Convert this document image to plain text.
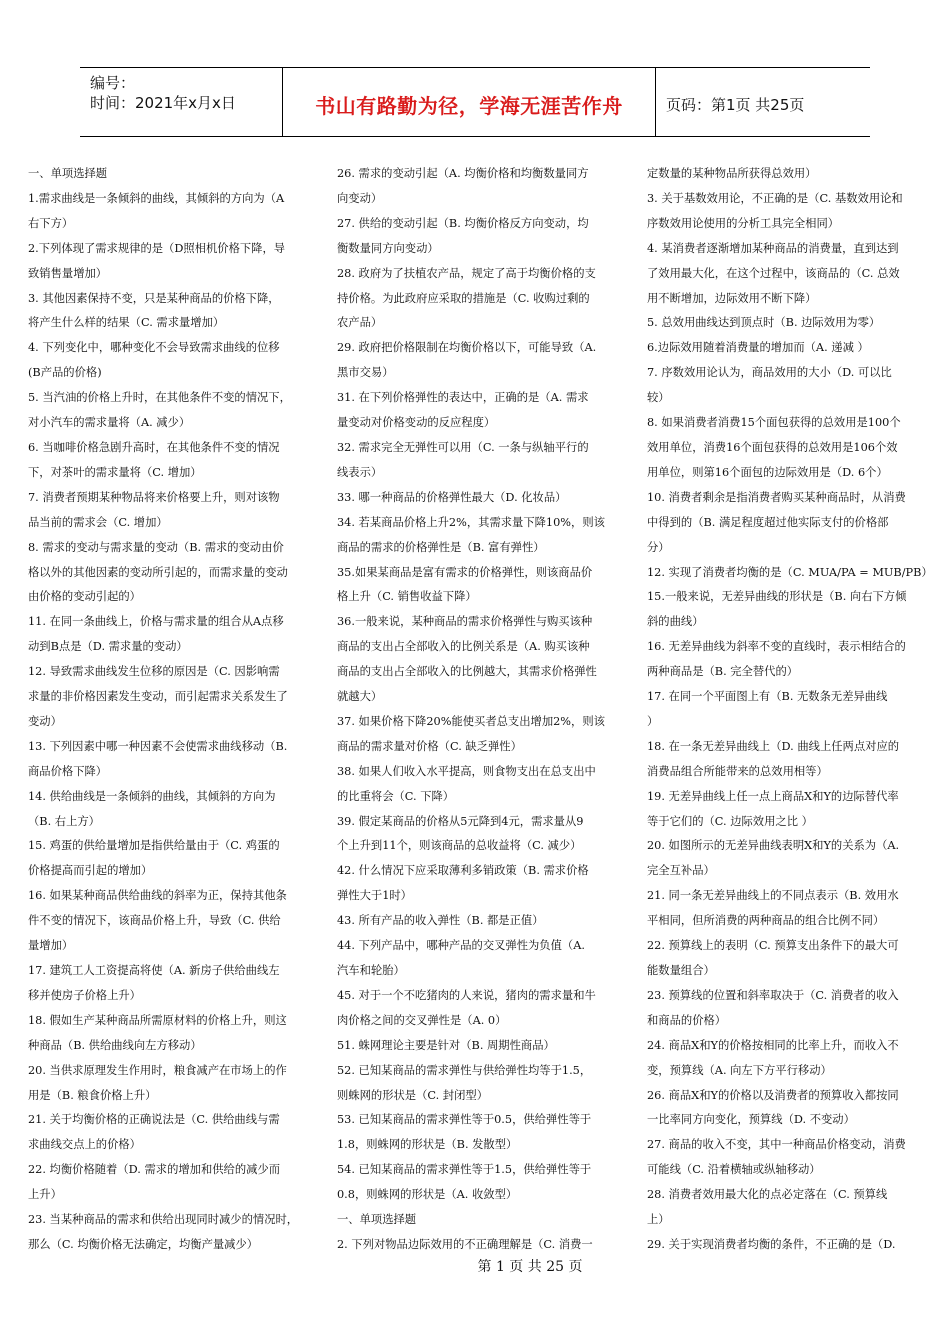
编号：
时间：2021年x月x日	书山有路勤为径，学海无涯苦作舟	页码：第1页 共25页
一、单项选择题
1.需求曲线是一条倾斜的曲线，其倾斜的方向为（A
右下方）
2.下列体现了需求规律的是（D照相机价格下降，导
致销售量增加）
3. 其他因素保持不变，只是某种商品的价格下降，
将产生什么样的结果（C. 需求量增加）
4. 下列变化中，哪种变化不会导致需求曲线的位移
(B产品的价格)
5. 当汽油的价格上升时，在其他条件不变的情况下，
对小汽车的需求量将（A. 减少）
6. 当咖啡价格急剧升高时，在其他条件不变的情况
下，对茶叶的需求量将（C. 增加）
7. 消费者预期某种物品将来价格要上升，则对该物
品当前的需求会（C. 增加）
8. 需求的变动与需求量的变动（B. 需求的变动由价
格以外的其他因素的变动所引起的，而需求量的变动
由价格的变动引起的）
11. 在同一条曲线上，价格与需求量的组合从A点移
动到B点是（D. 需求量的变动）
12. 导致需求曲线发生位移的原因是（C. 因影响需
求量的非价格因素发生变动，而引起需求关系发生了
变动）
13. 下列因素中哪一种因素不会使需求曲线移动（B.
商品价格下降）
14. 供给曲线是一条倾斜的曲线，其倾斜的方向为
（B. 右上方）
15. 鸡蛋的供给量增加是指供给量由于（C. 鸡蛋的
价格提高而引起的增加）
16. 如果某种商品供给曲线的斜率为正，保持其他条
件不变的情况下，该商品价格上升，导致（C. 供给
量增加）
17. 建筑工人工资提高将使（A. 新房子供给曲线左
移并使房子价格上升）
18. 假如生产某种商品所需原材料的价格上升，则这
种商品（B. 供给曲线向左方移动）
20. 当供求原理发生作用时，粮食减产在市场上的作
用是（B. 粮食价格上升）
21. 关于均衡价格的正确说法是（C. 供给曲线与需
求曲线交点上的价格）
22. 均衡价格随着（D. 需求的增加和供给的减少而
上升）
23. 当某种商品的需求和供给出现同时减少的情况时，
那么（C. 均衡价格无法确定，均衡产量减少）
26. 需求的变动引起（A. 均衡价格和均衡数量同方
向变动）
27. 供给的变动引起（B. 均衡价格反方向变动，均
衡数量同方向变动）
28. 政府为了扶植农产品，规定了高于均衡价格的支
持价格。为此政府应采取的措施是（C. 收购过剩的
农产品）
29. 政府把价格限制在均衡价格以下，可能导致（A.
黑市交易）
31. 在下列价格弹性的表达中，正确的是（A. 需求
量变动对价格变动的反应程度）
32. 需求完全无弹性可以用（C. 一条与纵轴平行的
线表示）
33. 哪一种商品的价格弹性最大（D. 化妆品）
34. 若某商品价格上升2%，其需求量下降10%，则该
商品的需求的价格弹性是（B. 富有弹性）
35.如果某商品是富有需求的价格弹性，则该商品价
格上升（C. 销售收益下降）
36.一般来说，某种商品的需求价格弹性与购买该种
商品的支出占全部收入的比例关系是（A. 购买该种
商品的支出占全部收入的比例越大，其需求价格弹性
就越大）
37. 如果价格下降20%能使买者总支出增加2%，则该
商品的需求量对价格（C. 缺乏弹性）
38. 如果人们收入水平提高，则食物支出在总支出中
的比重将会（C. 下降）
39. 假定某商品的价格从5元降到4元，需求量从9
个上升到11个，则该商品的总收益将（C. 减少）
42. 什么情况下应采取薄利多销政策（B. 需求价格
弹性大于1时）
43. 所有产品的收入弹性（B. 都是正值）
44. 下列产品中，哪种产品的交叉弹性为负值（A.
汽车和轮胎）
45. 对于一个不吃猪肉的人来说，猪肉的需求量和牛
肉价格之间的交叉弹性是（A. 0）
51. 蛛网理论主要是针对（B. 周期性商品）
52. 已知某商品的需求弹性与供给弹性均等于1.5，
则蛛网的形状是（C. 封闭型）
53. 已知某商品的需求弹性等于0.5，供给弹性等于
1.8，则蛛网的形状是（B. 发散型）
54. 已知某商品的需求弹性等于1.5，供给弹性等于
0.8，则蛛网的形状是（A. 收敛型）
一、单项选择题
2. 下列对物品边际效用的不正确理解是（C. 消费一
定数量的某种物品所获得总效用）
3. 关于基数效用论，不正确的是（C. 基数效用论和
序数效用论使用的分析工具完全相同）
4. 某消费者逐渐增加某种商品的消费量，直到达到
了效用最大化，在这个过程中，该商品的（C. 总效
用不断增加，边际效用不断下降）
5. 总效用曲线达到顶点时（B. 边际效用为零）
6.边际效用随着消费量的增加而（A. 递减 ）
7. 序数效用论认为，商品效用的大小（D. 可以比
较）
8. 如果消费者消费15个面包获得的总效用是100个
效用单位，消费16个面包获得的总效用是106个效
用单位，则第16个面包的边际效用是（D. 6个）
10. 消费者剩余是指消费者购买某种商品时，从消费
中得到的（B. 满足程度超过他实际支付的价格部
分）
12. 实现了消费者均衡的是（C. MUA/PA = MUB/PB）
15.一般来说，无差异曲线的形状是（B. 向右下方倾
斜的曲线）
16. 无差异曲线为斜率不变的直线时，表示相结合的
两种商品是（B. 完全替代的）
17. 在同一个平面图上有（B. 无数条无差异曲线
）
18. 在一条无差异曲线上（D. 曲线上任两点对应的
消费品组合所能带来的总效用相等）
19. 无差异曲线上任一点上商品X和Y的边际替代率
等于它们的（C. 边际效用之比 ）
20. 如图所示的无差异曲线表明X和Y的关系为（A.
完全互补品）
21. 同一条无差异曲线上的不同点表示（B. 效用水
平相同，但所消费的两种商品的组合比例不同）
22. 预算线上的表明（C. 预算支出条件下的最大可
能数量组合）
23. 预算线的位置和斜率取决于（C. 消费者的收入
和商品的价格）
24. 商品X和Y的价格按相同的比率上升，而收入不
变，预算线（A. 向左下方平行移动）
26. 商品X和Y的价格以及消费者的预算收入都按同
一比率同方向变化，预算线（D. 不变动）
27. 商品的收入不变，其中一种商品价格变动，消费
可能线（C. 沿着横轴或纵轴移动）
28. 消费者效用最大化的点必定落在（C. 预算线
上）
29. 关于实现消费者均衡的条件，不正确的是（D.
第 1 页 共 25 页
